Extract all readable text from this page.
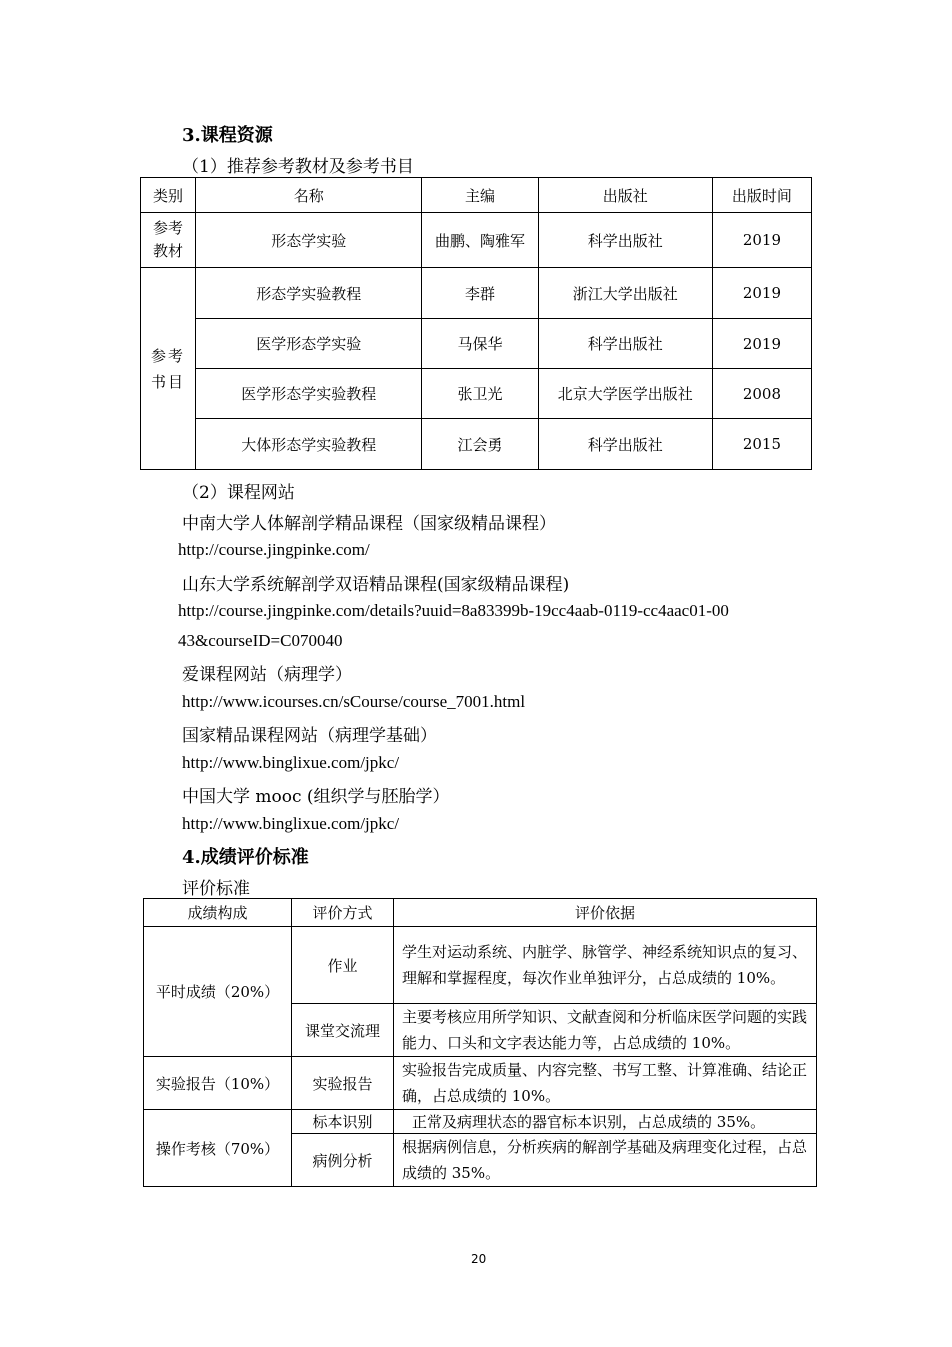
3.课程资源
（1）推荐参考教材及参考书目
类别	名称	主编	出版社	出版时间

参考教材	形态学实验	曲鹏、陶雅军	科学出版社	2019

参考书目	形态学实验教程	李群	浙江大学出版社	2019
	医学形态学实验	马保华	科学出版社	2019
	医学形态学实验教程	张卫光	北京大学医学出版社	2008
	大体形态学实验教程	江会勇	科学出版社	2015
（2）课程网站
中南大学人体解剖学精品课程（国家级精品课程）
http://course.jingpinke.com/
山东大学系统解剖学双语精品课程(国家级精品课程)
http://course.jingpinke.com/details?uuid=8a83399b-19cc4aab-0119-cc4aac01-00
43&courseID=C070040
爱课程网站（病理学）
http://www.icourses.cn/sCourse/course_7001.html
国家精品课程网站（病理学基础）
http://www.binglixue.com/jpkc/
中国大学 mooc (组织学与胚胎学）
http://www.binglixue.com/jpkc/
4.成绩评价标准
评价标准
成绩构成	评价方式	评价依据
平时成绩（20%）	作业	学生对运动系统、内脏学、脉管学、神经系统知识点的复习、理解和掌握程度，每次作业单独评分，占总成绩的 10%。
	课堂交流理	主要考核应用所学知识、文献查阅和分析临床医学问题的实践能力、口头和文字表达能力等，占总成绩的 10%。
实验报告（10%）	实验报告	实验报告完成质量、内容完整、书写工整、计算准确、结论正确，占总成绩的 10%。
操作考核（70%）	标本识别	正常及病理状态的器官标本识别，占总成绩的 35%。
	病例分析	根据病例信息，分析疾病的解剖学基础及病理变化过程，占总成绩的 35%。
20
